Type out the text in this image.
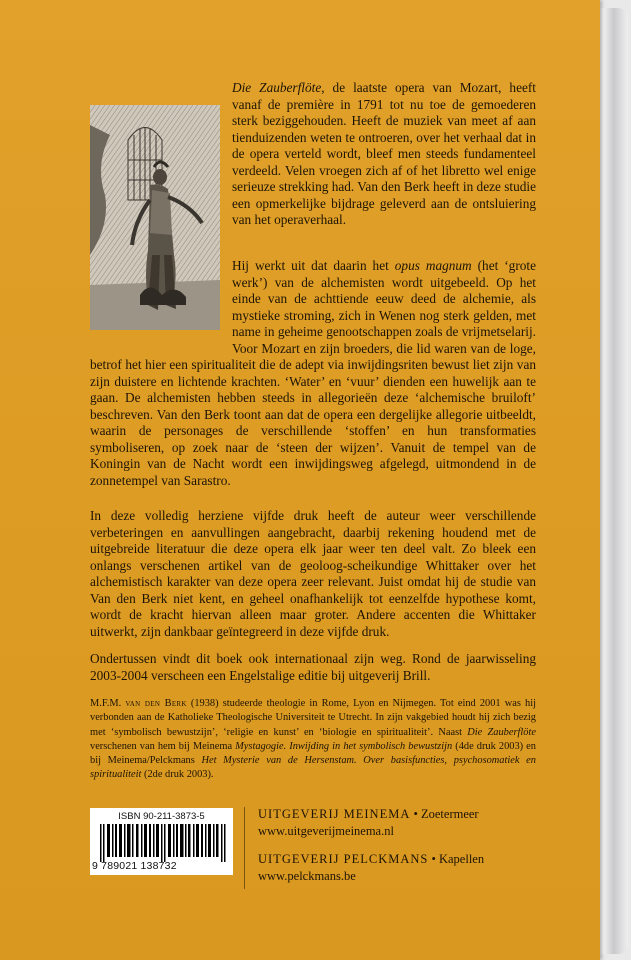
Die Zauberflöte, de laatste opera van Mozart, heeft vanaf de première in 1791 tot nu toe de gemoederen sterk beziggehouden. Heeft de muziek van meet af aan tienduizenden weten te ontroeren, over het verhaal dat in de opera verteld wordt, bleef men steeds fundamenteel verdeeld. Velen vroegen zich af of het libretto wel enige serieuze strekking had. Van den Berk heeft in deze studie een opmerkelijke bijdrage geleverd aan de ontsluiering van het operaverhaal.

Hij werkt uit dat daarin het opus magnum (het ‘grote werk’) van de alchemisten wordt uitgebeeld. Op het einde van de achttiende eeuw deed de alchemie, als mystieke stroming, zich in Wenen nog sterk gelden, met name in geheime genootschappen zoals de vrijmetselarij. Voor Mozart en zijn broeders, die lid waren van de loge, betrof het hier een spiritualiteit die de adept via inwijdingsriten bewust liet zijn van zijn duistere en lichtende krachten. ‘Water’ en ‘vuur’ dienden een huwelijk aan te gaan. De alchemisten hebben steeds in allegorieën deze ‘alchemische bruiloft’ beschreven. Van den Berk toont aan dat de opera een dergelijke allegorie uitbeeldt, waarin de personages de verschillende ‘stoffen’ en hun transformaties symboliseren, op zoek naar de ‘steen der wijzen’. Vanuit de tempel van de Koningin van de Nacht wordt een inwijdingsweg afgelegd, uitmondend in de zonnetempel van Sarastro.

In deze volledig herziene vijfde druk heeft de auteur weer verschillende verbeteringen en aanvullingen aangebracht, daarbij rekening houdend met de uitgebreide literatuur die deze opera elk jaar weer ten deel valt. Zo bleek een onlangs verschenen artikel van de geoloog-scheikundige Whittaker over het alchemistisch karakter van deze opera zeer relevant. Juist omdat hij de studie van Van den Berk niet kent, en geheel onafhankelijk tot eenzelfde hypothese komt, wordt de kracht hiervan alleen maar groter. Andere accenten die Whittaker uitwerkt, zijn dankbaar geïntegreerd in deze vijfde druk.

Ondertussen vindt dit boek ook internationaal zijn weg. Rond de jaarwisseling 2003-2004 verscheen een Engelstalige editie bij uitgeverij Brill.

M.F.M. van den Berk (1938) studeerde theologie in Rome, Lyon en Nijmegen. Tot eind 2001 was hij verbonden aan de Katholieke Theologische Universiteit te Utrecht. In zijn vakgebied houdt hij zich bezig met ‘symbolisch bewustzijn’, ‘religie en kunst’ en ‘biologie en spiritualiteit’. Naast Die Zauberflöte verschenen van hem bij Meinema Mystagogie. Inwijding in het symbolisch bewustzijn (4de druk 2003) en bij Meinema/Pelckmans Het Mysterie van de Hersenstam. Over basisfuncties, psychosomatiek en spiritualiteit (2de druk 2003).

ISBN 90-211-3873-5
9 789021 138732

UITGEVERIJ MEINEMA • Zoetermeer
www.uitgeverijmeinema.nl

UITGEVERIJ PELCKMANS • Kapellen
www.pelckmans.be
